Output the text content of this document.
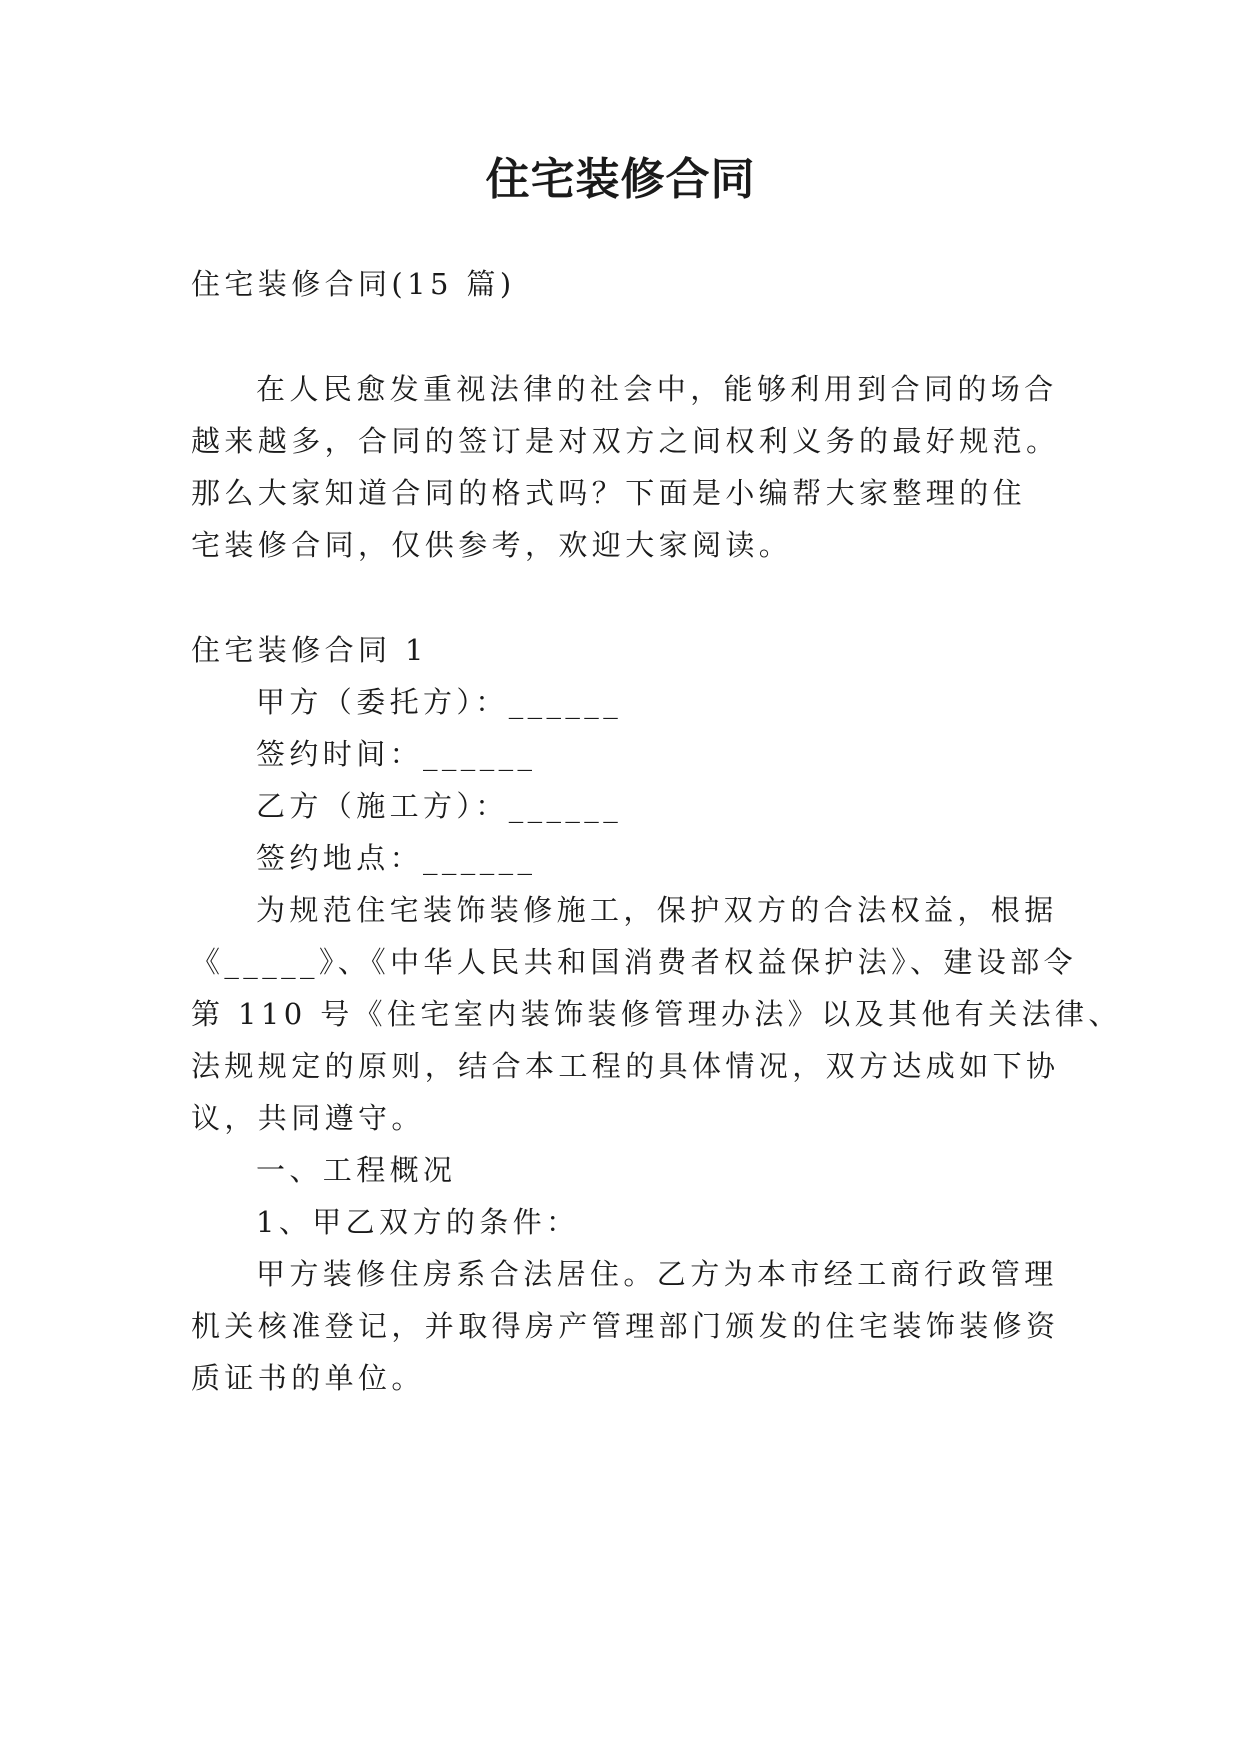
住宅装修合同
住宅装修合同(15 篇)
在人民愈发重视法律的社会中，能够利用到合同的场合
越来越多，合同的签订是对双方之间权利义务的最好规范。
那么大家知道合同的格式吗？下面是小编帮大家整理的住
宅装修合同，仅供参考，欢迎大家阅读。
住宅装修合同 1
甲方（委托方）：______
签约时间：______
乙方（施工方）：______
签约地点：______
为规范住宅装饰装修施工，保护双方的合法权益，根据
《_____》、《中华人民共和国消费者权益保护法》、建设部令
第 110 号《住宅室内装饰装修管理办法》以及其他有关法律、
法规规定的原则，结合本工程的具体情况，双方达成如下协
议，共同遵守。
一、工程概况
1、甲乙双方的条件：
甲方装修住房系合法居住。乙方为本市经工商行政管理
机关核准登记，并取得房产管理部门颁发的住宅装饰装修资
质证书的单位。
